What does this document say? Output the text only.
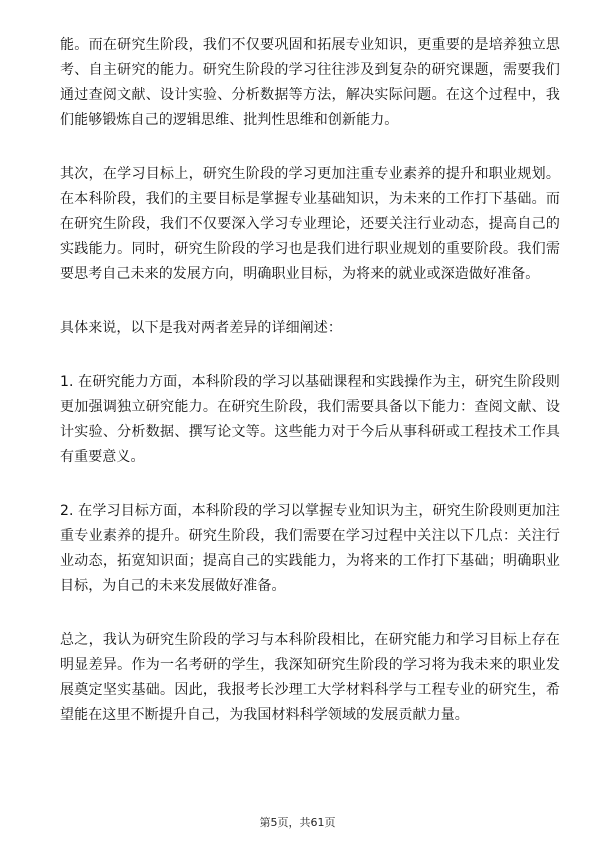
能。而在研究生阶段，我们不仅要巩固和拓展专业知识，更重要的是培养独立思考、自主研究的能力。研究生阶段的学习往往涉及到复杂的研究课题，需要我们通过查阅文献、设计实验、分析数据等方法，解决实际问题。在这个过程中，我们能够锻炼自己的逻辑思维、批判性思维和创新能力。

其次，在学习目标上，研究生阶段的学习更加注重专业素养的提升和职业规划。在本科阶段，我们的主要目标是掌握专业基础知识，为未来的工作打下基础。而在研究生阶段，我们不仅要深入学习专业理论，还要关注行业动态，提高自己的实践能力。同时，研究生阶段的学习也是我们进行职业规划的重要阶段。我们需要思考自己未来的发展方向，明确职业目标，为将来的就业或深造做好准备。

具体来说，以下是我对两者差异的详细阐述：

1. 在研究能力方面，本科阶段的学习以基础课程和实践操作为主，研究生阶段则更加强调独立研究能力。在研究生阶段，我们需要具备以下能力：查阅文献、设计实验、分析数据、撰写论文等。这些能力对于今后从事科研或工程技术工作具有重要意义。

2. 在学习目标方面，本科阶段的学习以掌握专业知识为主，研究生阶段则更加注重专业素养的提升。研究生阶段，我们需要在学习过程中关注以下几点：关注行业动态，拓宽知识面；提高自己的实践能力，为将来的工作打下基础；明确职业目标，为自己的未来发展做好准备。

总之，我认为研究生阶段的学习与本科阶段相比，在研究能力和学习目标上存在明显差异。作为一名考研的学生，我深知研究生阶段的学习将为我未来的职业发展奠定坚实基础。因此，我报考长沙理工大学材料科学与工程专业的研究生，希望能在这里不断提升自己，为我国材料科学领域的发展贡献力量。

第5页，共61页
